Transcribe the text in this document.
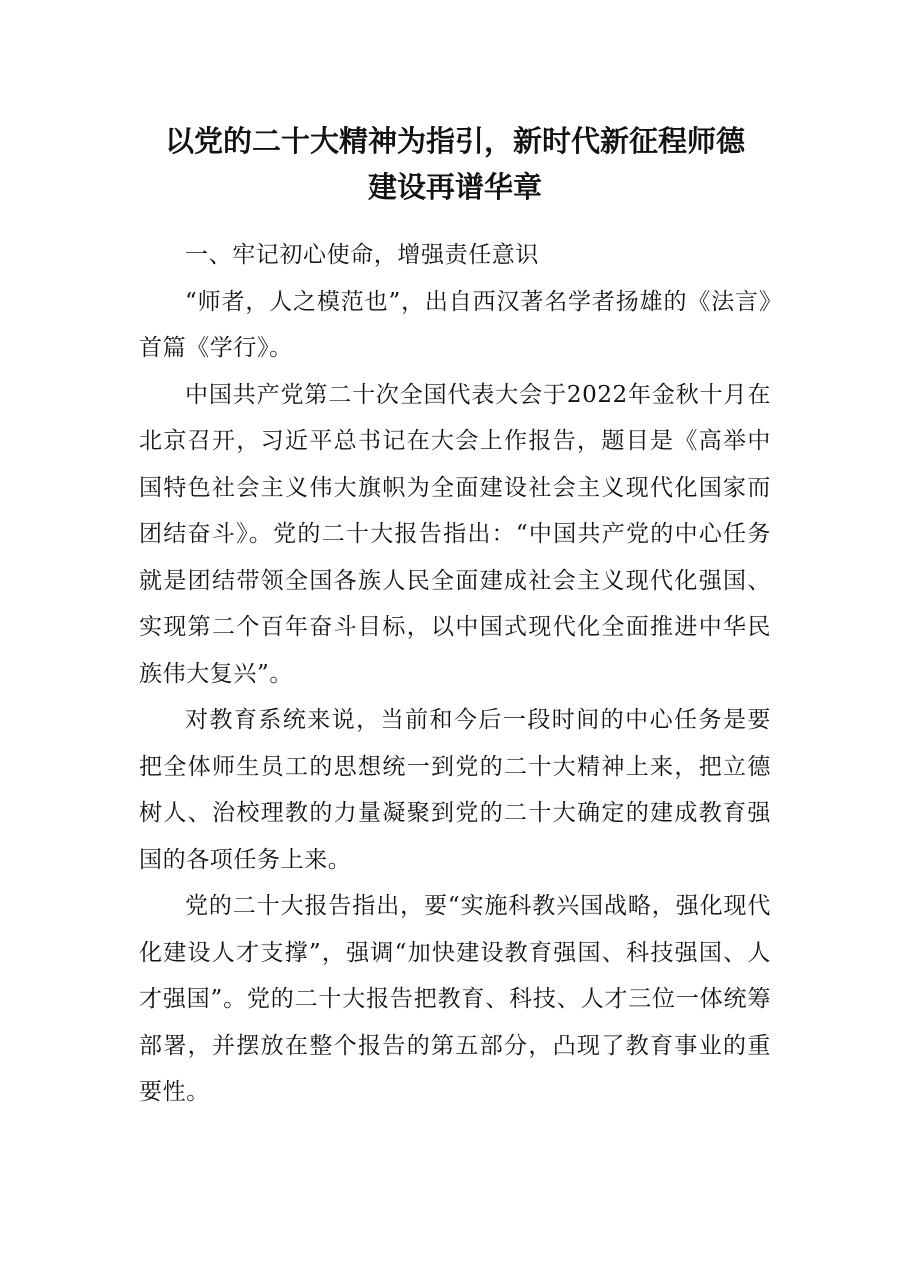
以党的二十大精神为指引，新时代新征程师德
建设再谱华章

一、牢记初心使命，增强责任意识

“师者，人之模范也”，出自西汉著名学者扬雄的《法言》首篇《学行》。

中国共产党第二十次全国代表大会于2022年金秋十月在北京召开，习近平总书记在大会上作报告，题目是《高举中国特色社会主义伟大旗帜为全面建设社会主义现代化国家而团结奋斗》。党的二十大报告指出：“中国共产党的中心任务就是团结带领全国各族人民全面建成社会主义现代化强国、实现第二个百年奋斗目标，以中国式现代化全面推进中华民族伟大复兴”。

对教育系统来说，当前和今后一段时间的中心任务是要把全体师生员工的思想统一到党的二十大精神上来，把立德树人、治校理教的力量凝聚到党的二十大确定的建成教育强国的各项任务上来。

党的二十大报告指出，要“实施科教兴国战略，强化现代化建设人才支撑”，强调“加快建设教育强国、科技强国、人才强国”。党的二十大报告把教育、科技、人才三位一体统筹部署，并摆放在整个报告的第五部分，凸现了教育事业的重要性。
